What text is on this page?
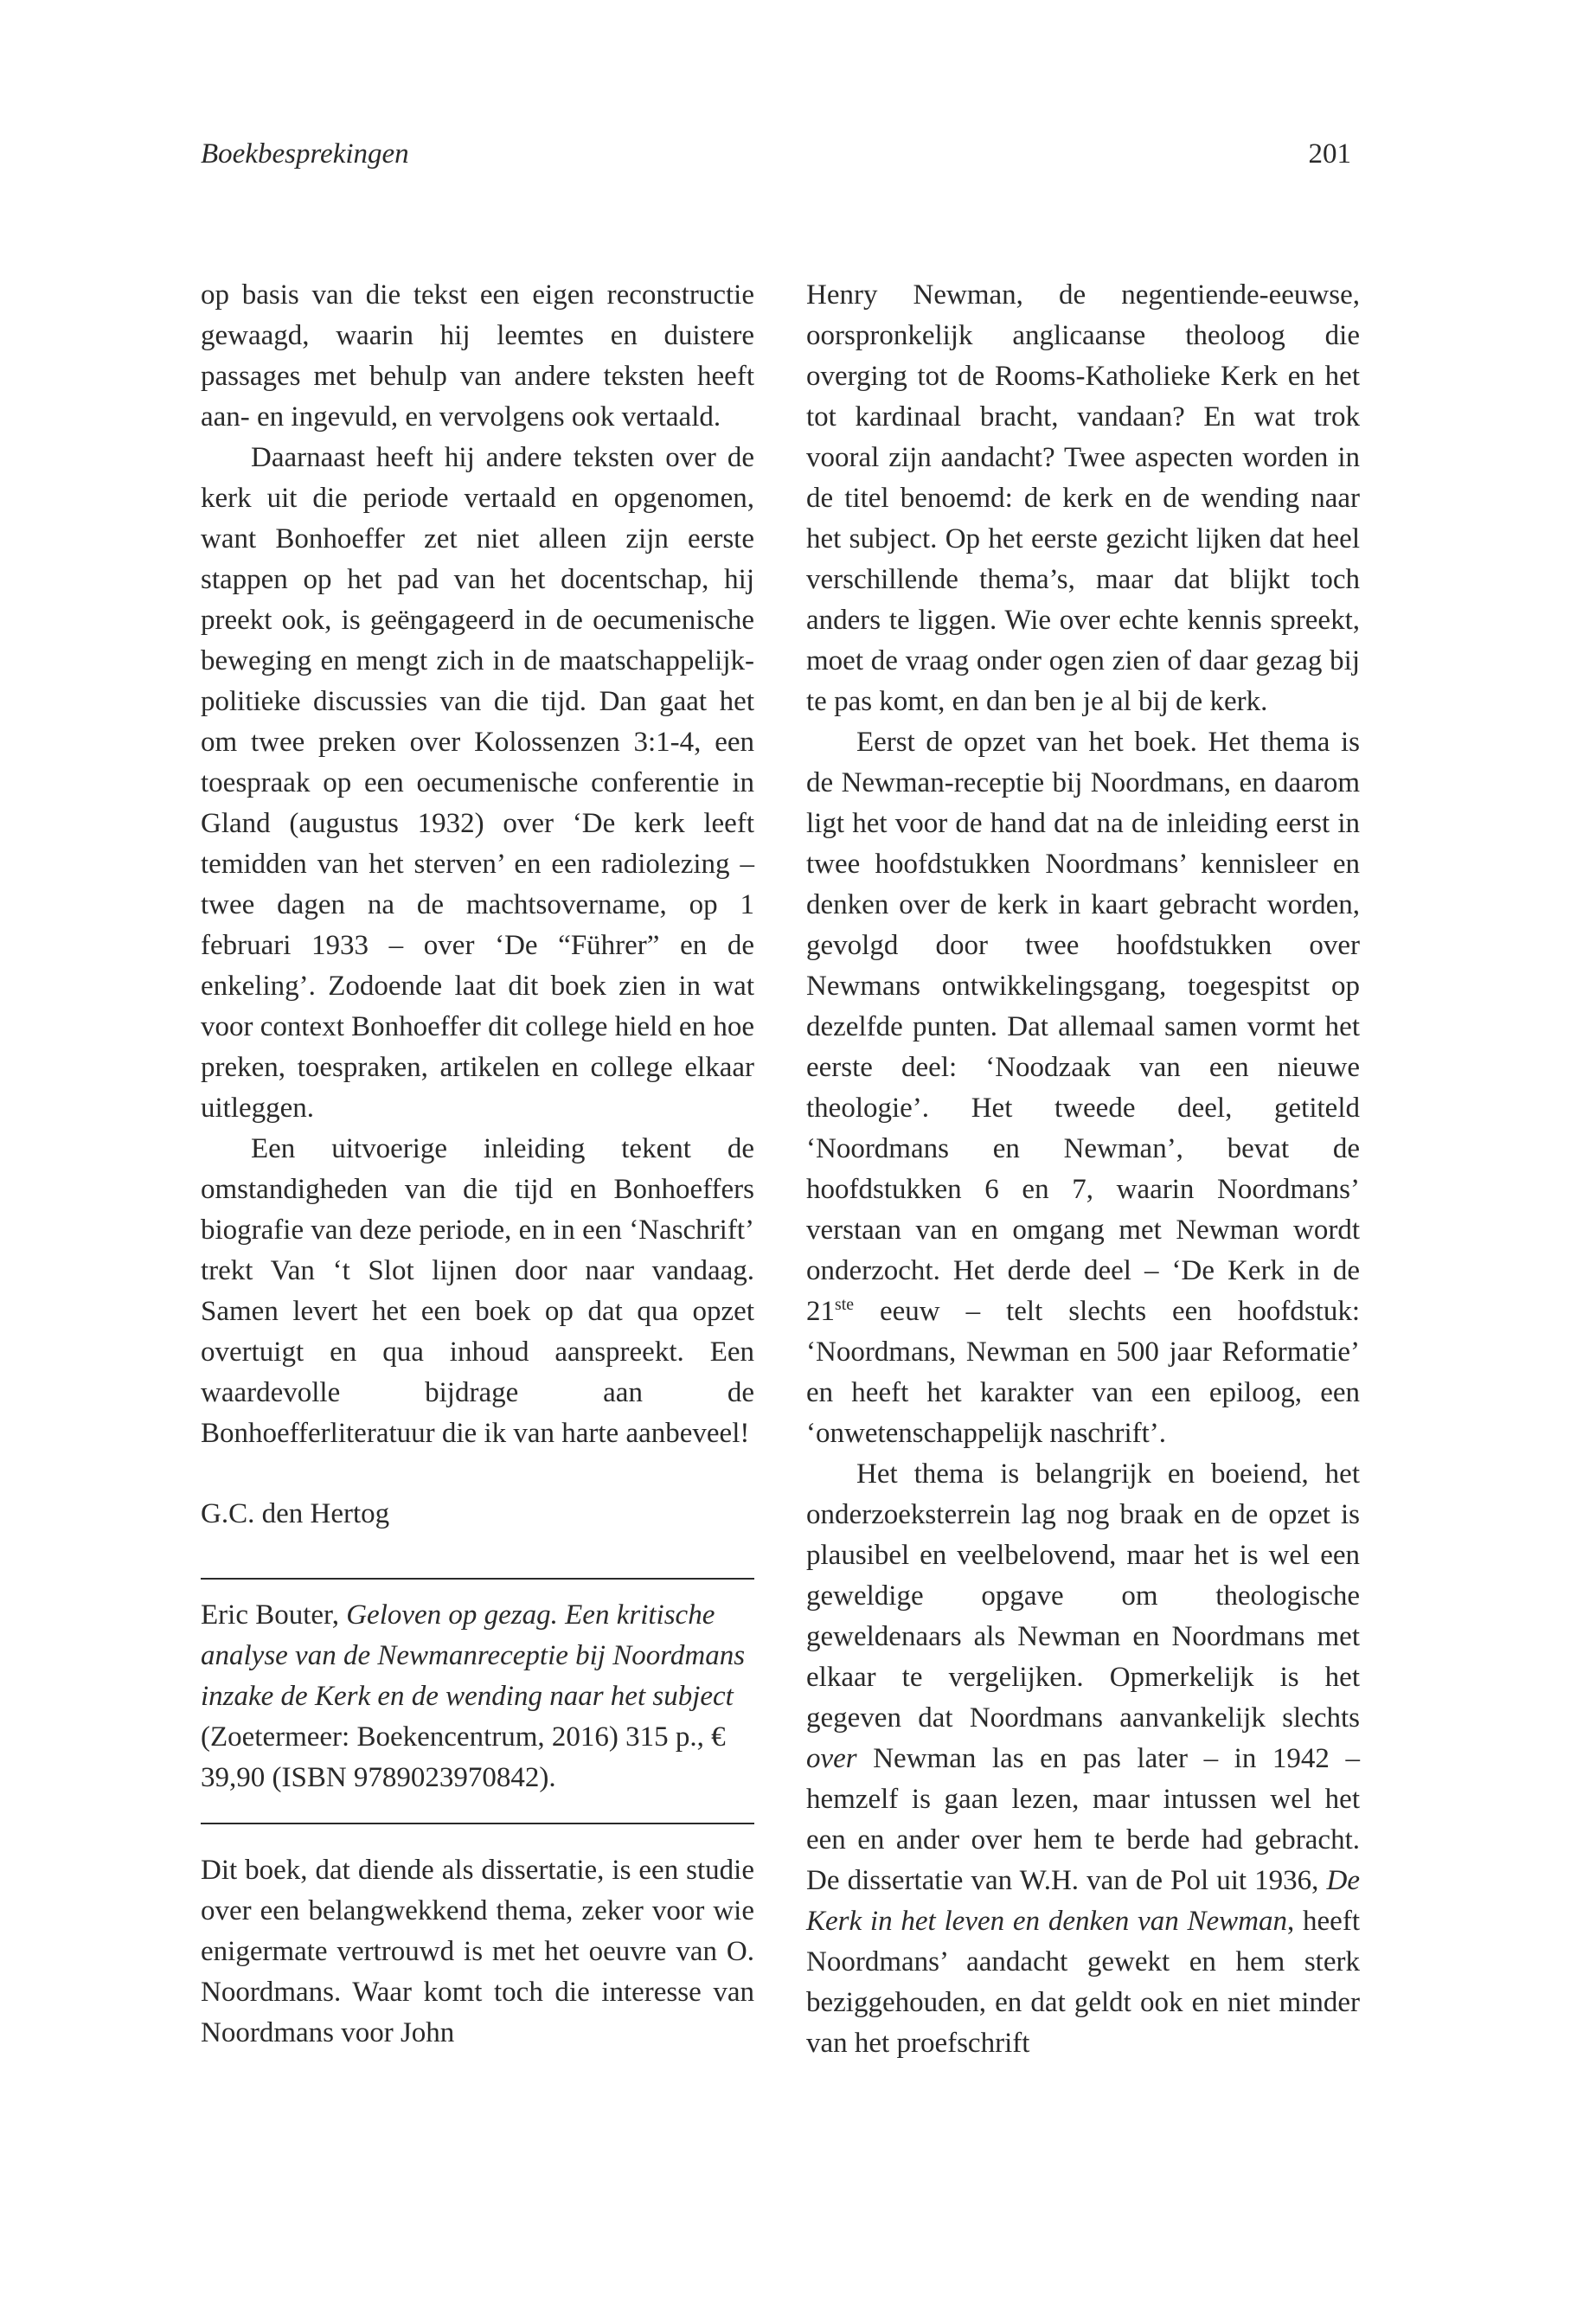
Boekbesprekingen	201

op basis van die tekst een eigen reconstructie gewaagd, waarin hij leemtes en duistere passages met behulp van andere teksten heeft aan- en ingevuld, en vervolgens ook vertaald.

Daarnaast heeft hij andere teksten over de kerk uit die periode vertaald en opgenomen, want Bonhoeffer zet niet alleen zijn eerste stappen op het pad van het docentschap, hij preekt ook, is geëngageerd in de oecumenische beweging en mengt zich in de maatschappelijk-politieke discussies van die tijd. Dan gaat het om twee preken over Kolossenzen 3:1-4, een toespraak op een oecumenische conferentie in Gland (augustus 1932) over ‘De kerk leeft temidden van het sterven’ en een radiolezing – twee dagen na de machtsovername, op 1 februari 1933 – over ‘De “Führer” en de enkeling’. Zodoende laat dit boek zien in wat voor context Bonhoeffer dit college hield en hoe preken, toespraken, artikelen en college elkaar uitleggen.

Een uitvoerige inleiding tekent de omstandigheden van die tijd en Bonhoeffers biografie van deze periode, en in een ‘Naschrift’ trekt Van ‘t Slot lijnen door naar vandaag. Samen levert het een boek op dat qua opzet overtuigt en qua inhoud aanspreekt. Een waardevolle bijdrage aan de Bonhoefferliteratuur die ik van harte aanbeveel!

G.C. den Hertog

Eric Bouter, Geloven op gezag. Een kritische analyse van de Newmanreceptie bij Noordmans inzake de Kerk en de wending naar het subject (Zoetermeer: Boekencentrum, 2016) 315 p., € 39,90 (ISBN 9789023970842).

Dit boek, dat diende als dissertatie, is een studie over een belangwekkend thema, zeker voor wie enigermate vertrouwd is met het oeuvre van O. Noordmans. Waar komt toch die interesse van Noordmans voor John

Henry Newman, de negentiende-eeuwse, oorspronkelijk anglicaanse theoloog die overging tot de Rooms-Katholieke Kerk en het tot kardinaal bracht, vandaan? En wat trok vooral zijn aandacht? Twee aspecten worden in de titel benoemd: de kerk en de wending naar het subject. Op het eerste gezicht lijken dat heel verschillende thema’s, maar dat blijkt toch anders te liggen. Wie over echte kennis spreekt, moet de vraag onder ogen zien of daar gezag bij te pas komt, en dan ben je al bij de kerk.

Eerst de opzet van het boek. Het thema is de Newman-receptie bij Noordmans, en daarom ligt het voor de hand dat na de inleiding eerst in twee hoofdstukken Noordmans’ kennisleer en denken over de kerk in kaart gebracht worden, gevolgd door twee hoofdstukken over Newmans ontwikkelingsgang, toegespitst op dezelfde punten. Dat allemaal samen vormt het eerste deel: ‘Noodzaak van een nieuwe theologie’. Het tweede deel, getiteld ‘Noordmans en Newman’, bevat de hoofdstukken 6 en 7, waarin Noordmans’ verstaan van en omgang met Newman wordt onderzocht. Het derde deel – ‘De Kerk in de 21ste eeuw – telt slechts een hoofdstuk: ‘Noordmans, Newman en 500 jaar Reformatie’ en heeft het karakter van een epiloog, een ‘onwetenschappelijk naschrift’.

Het thema is belangrijk en boeiend, het onderzoeksterrein lag nog braak en de opzet is plausibel en veelbelovend, maar het is wel een geweldige opgave om theologische geweldenaars als Newman en Noordmans met elkaar te vergelijken. Opmerkelijk is het gegeven dat Noordmans aanvankelijk slechts over Newman las en pas later – in 1942 – hemzelf is gaan lezen, maar intussen wel het een en ander over hem te berde had gebracht. De dissertatie van W.H. van de Pol uit 1936, De Kerk in het leven en denken van Newman, heeft Noordmans’ aandacht gewekt en hem sterk beziggehouden, en dat geldt ook en niet minder van het proefschrift
